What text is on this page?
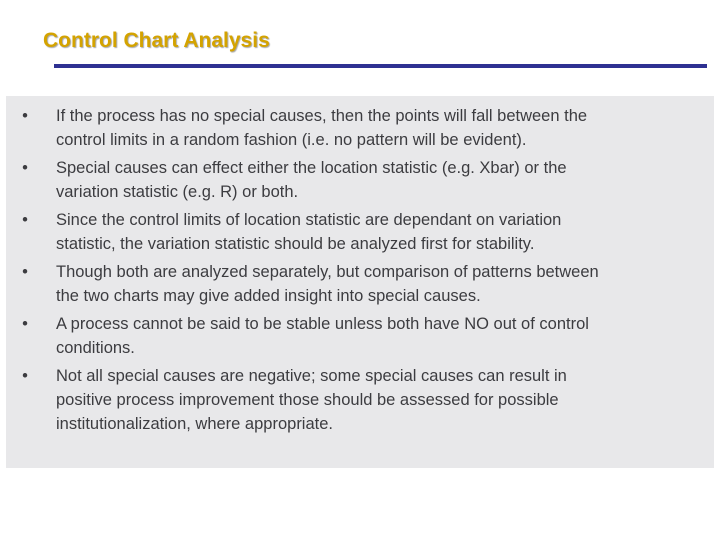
Control Chart Analysis
• If the process has no special causes, then the points will fall between the
control limits in a random fashion (i.e. no pattern will be evident).
• Special causes can effect either the location statistic (e.g. Xbar) or the
variation statistic (e.g. R) or both.
• Since the control limits of location statistic are dependant on variation
statistic, the variation statistic should be analyzed first for stability.
• Though both are analyzed separately, but comparison of patterns between
the two charts may give added insight into special causes.
• A process cannot be said to be stable unless both have NO out of control
conditions.
• Not all special causes are negative; some special causes can result in
positive process improvement those should be assessed for possible
institutionalization, where appropriate.
